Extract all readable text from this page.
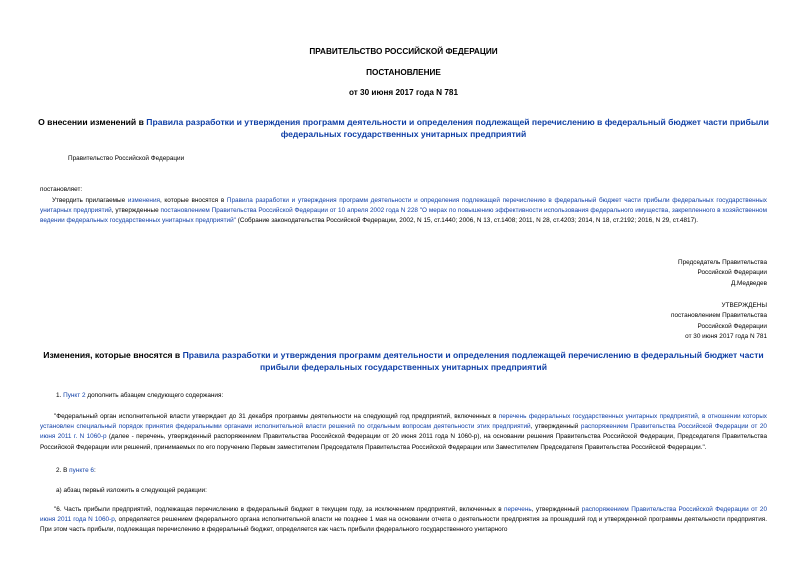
ПРАВИТЕЛЬСТВО РОССИЙСКОЙ ФЕДЕРАЦИИ
ПОСТАНОВЛЕНИЕ
от 30 июня 2017 года N 781
О внесении изменений в Правила разработки и утверждения программ деятельности и определения подлежащей перечислению в федеральный бюджет части прибыли федеральных государственных унитарных предприятий
Правительство Российской Федерации
постановляет:
Утвердить прилагаемые изменения, которые вносятся в Правила разработки и утверждения программ деятельности и определения подлежащей перечислению в федеральный бюджет части прибыли федеральных государственных унитарных предприятий, утвержденные постановлением Правительства Российской Федерации от 10 апреля 2002 года N 228 "О мерах по повышению эффективности использования федерального имущества, закрепленного в хозяйственном ведении федеральных государственных унитарных предприятий" (Собрание законодательства Российской Федерации, 2002, N 15, ст.1440; 2006, N 13, ст.1408; 2011, N 28, ст.4203; 2014, N 18, ст.2192; 2016, N 29, ст.4817).
Председатель Правительства
Российской Федерации
Д.Медведев
УТВЕРЖДЕНЫ
постановлением Правительства
Российской Федерации
от 30 июня 2017 года N 781
Изменения, которые вносятся в Правила разработки и утверждения программ деятельности и определения подлежащей перечислению в федеральный бюджет части прибыли федеральных государственных унитарных предприятий
1. Пункт 2 дополнить абзацем следующего содержания:
"Федеральный орган исполнительной власти утверждает до 31 декабря программы деятельности на следующий год предприятий, включенных в перечень федеральных государственных унитарных предприятий, в отношении которых установлен специальный порядок принятия федеральными органами исполнительной власти решений по отдельным вопросам деятельности этих предприятий, утвержденный распоряжением Правительства Российской Федерации от 20 июня 2011 г. N 1060-р (далее - перечень, утвержденный распоряжением Правительства Российской Федерации от 20 июня 2011 года N 1060-р), на основании решения Правительства Российской Федерации, Председателя Правительства Российской Федерации или решений, принимаемых по его поручению Первым заместителем Председателя Правительства Российской Федерации или Заместителем Председателя Правительства Российской Федерации.".
2. В пункте 6:
а) абзац первый изложить в следующей редакции:
"6. Часть прибыли предприятий, подлежащая перечислению в федеральный бюджет в текущем году, за исключением предприятий, включенных в перечень, утвержденный распоряжением Правительства Российской Федерации от 20 июня 2011 года N 1060-р, определяется решением федерального органа исполнительной власти не позднее 1 мая на основании отчета о деятельности предприятия за прошедший год и утвержденной программы деятельности предприятия. При этом часть прибыли, подлежащая перечислению в федеральный бюджет, определяется как часть прибыли федерального государственного унитарного
